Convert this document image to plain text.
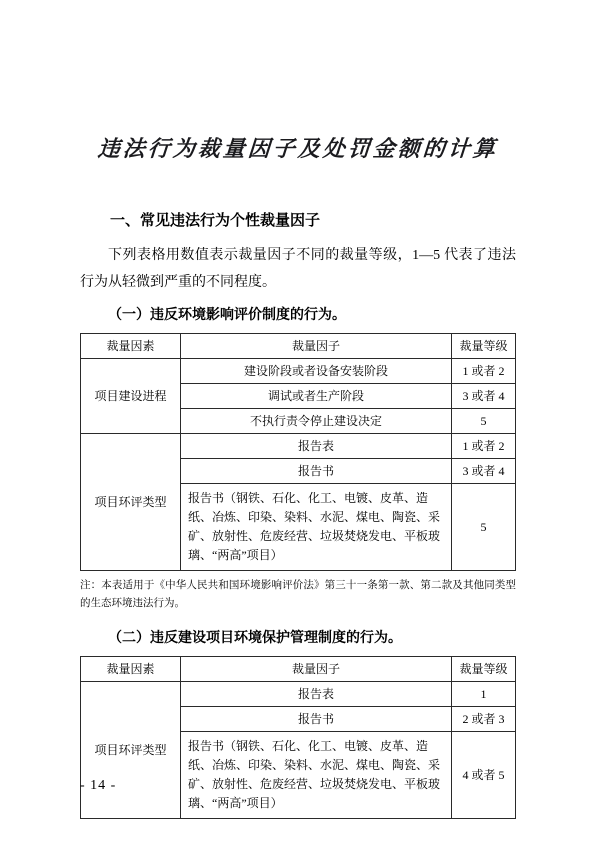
违法行为裁量因子及处罚金额的计算
一、常见违法行为个性裁量因子

下列表格用数值表示裁量因子不同的裁量等级，1—5 代表了违法行为从轻微到严重的不同程度。

（一）违反环境影响评价制度的行为。
裁量因素	裁量因子	裁量等级
项目建设进程	建设阶段或者设备安装阶段	1 或者 2
	调试或者生产阶段	3 或者 4
	不执行责令停止建设决定	5
项目环评类型	报告表	1 或者 2
	报告书	3 或者 4
	报告书（钢铁、石化、化工、电镀、皮革、造纸、冶炼、印染、染料、水泥、煤电、陶瓷、采矿、放射性、危废经营、垃圾焚烧发电、平板玻璃、“两高”项目）	5

注：本表适用于《中华人民共和国环境影响评价法》第三十一条第一款、第二款及其他同类型的生态环境违法行为。

（二）违反建设项目环境保护管理制度的行为。
裁量因素	裁量因子	裁量等级
项目环评类型	报告表	1
	报告书	2 或者 3
	报告书（钢铁、石化、化工、电镀、皮革、造纸、冶炼、印染、染料、水泥、煤电、陶瓷、采矿、放射性、危废经营、垃圾焚烧发电、平板玻璃、“两高”项目）	4 或者 5
- 14 -
